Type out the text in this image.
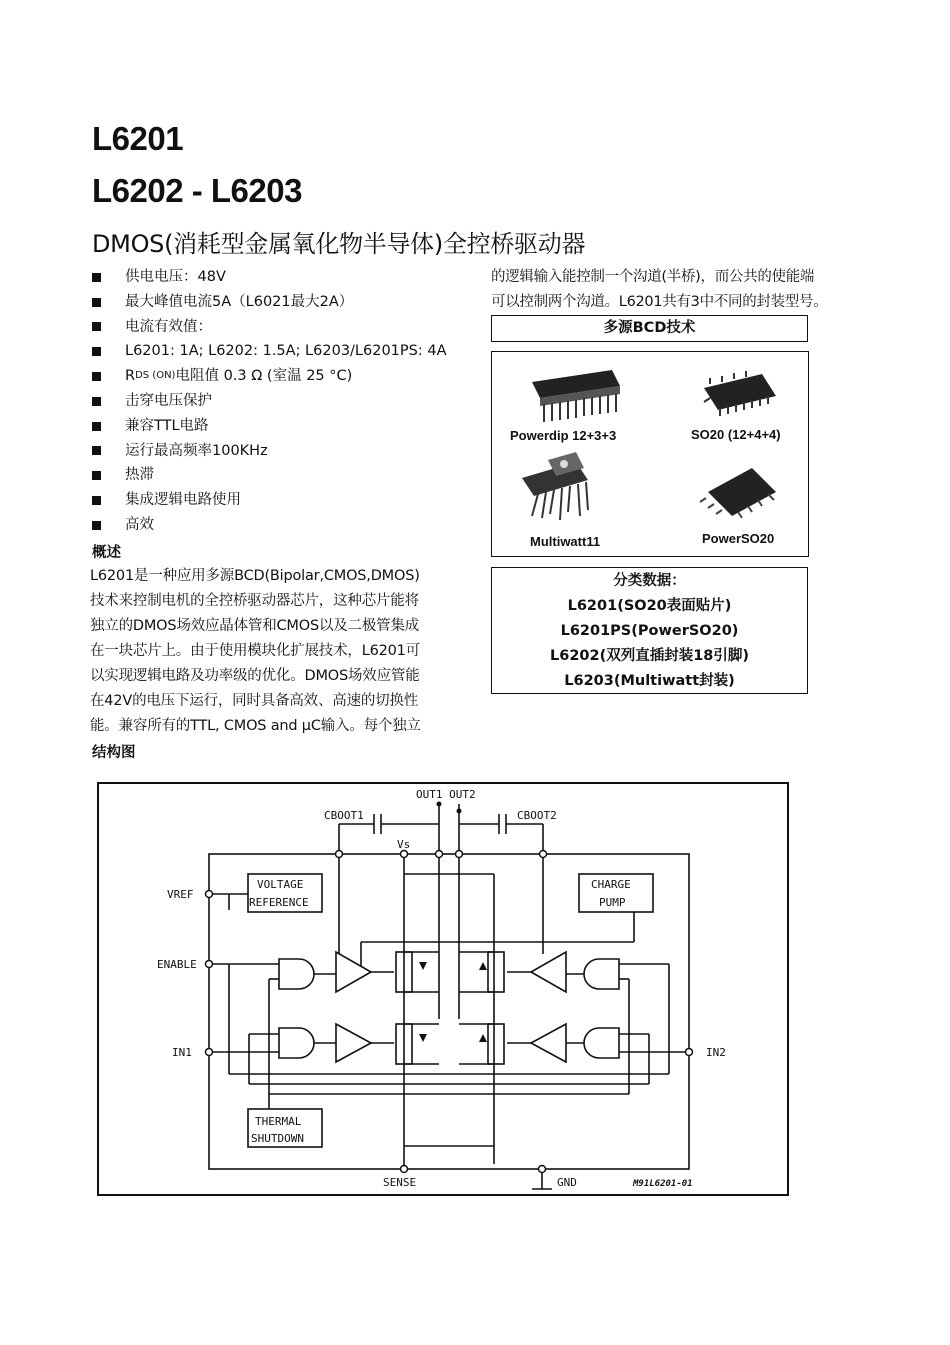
L6201
L6202 - L6203
DMOS(消耗型金属氧化物半导体)全控桥驱动器
供电电压：48V
最大峰值电流5A（L6021最大2A）
电流有效值：
L6201: 1A; L6202: 1.5A; L6203/L6201PS: 4A
R DS (ON) 电阻值 0.3 Ω (室温 25 °C)
击穿电压保护
兼容TTL电路
运行最高频率100KHz
热滞
集成逻辑电路使用
高效
概述
L6201是一种应用多源BCD(Bipolar,CMOS,DMOS)
技术来控制电机的全控桥驱动器芯片，这种芯片能将
独立的DMOS场效应晶体管和CMOS以及二极管集成
在一块芯片上。由于使用模块化扩展技术，L6201可
以实现逻辑电路及功率级的优化。DMOS场效应管能
在42V的电压下运行，同时具备高效、高速的切换性
能。兼容所有的TTL, CMOS and μC输入。每个独立
结构图
的逻辑输入能控制一个沟道(半桥)，而公共的使能端
可以控制两个沟道。L6201共有3中不同的封装型号。
多源BCD技术
Powerdip 12+3+3	SO20 (12+4+4)
Multiwatt11	PowerSO20
分类数据：
L6201(SO20表面贴片)
L6201PS(PowerSO20)
L6202(双列直插封装18引脚)
L6203(Multiwatt封装)
OUT1 OUT2
CBOOT1	CBOOT2
Vs
VREF
VOLTAGE
REFERENCE
CHARGE
PUMP
ENABLE
IN1	IN2
THERMAL
SHUTDOWN
SENSE	GND	M91L6201-01
